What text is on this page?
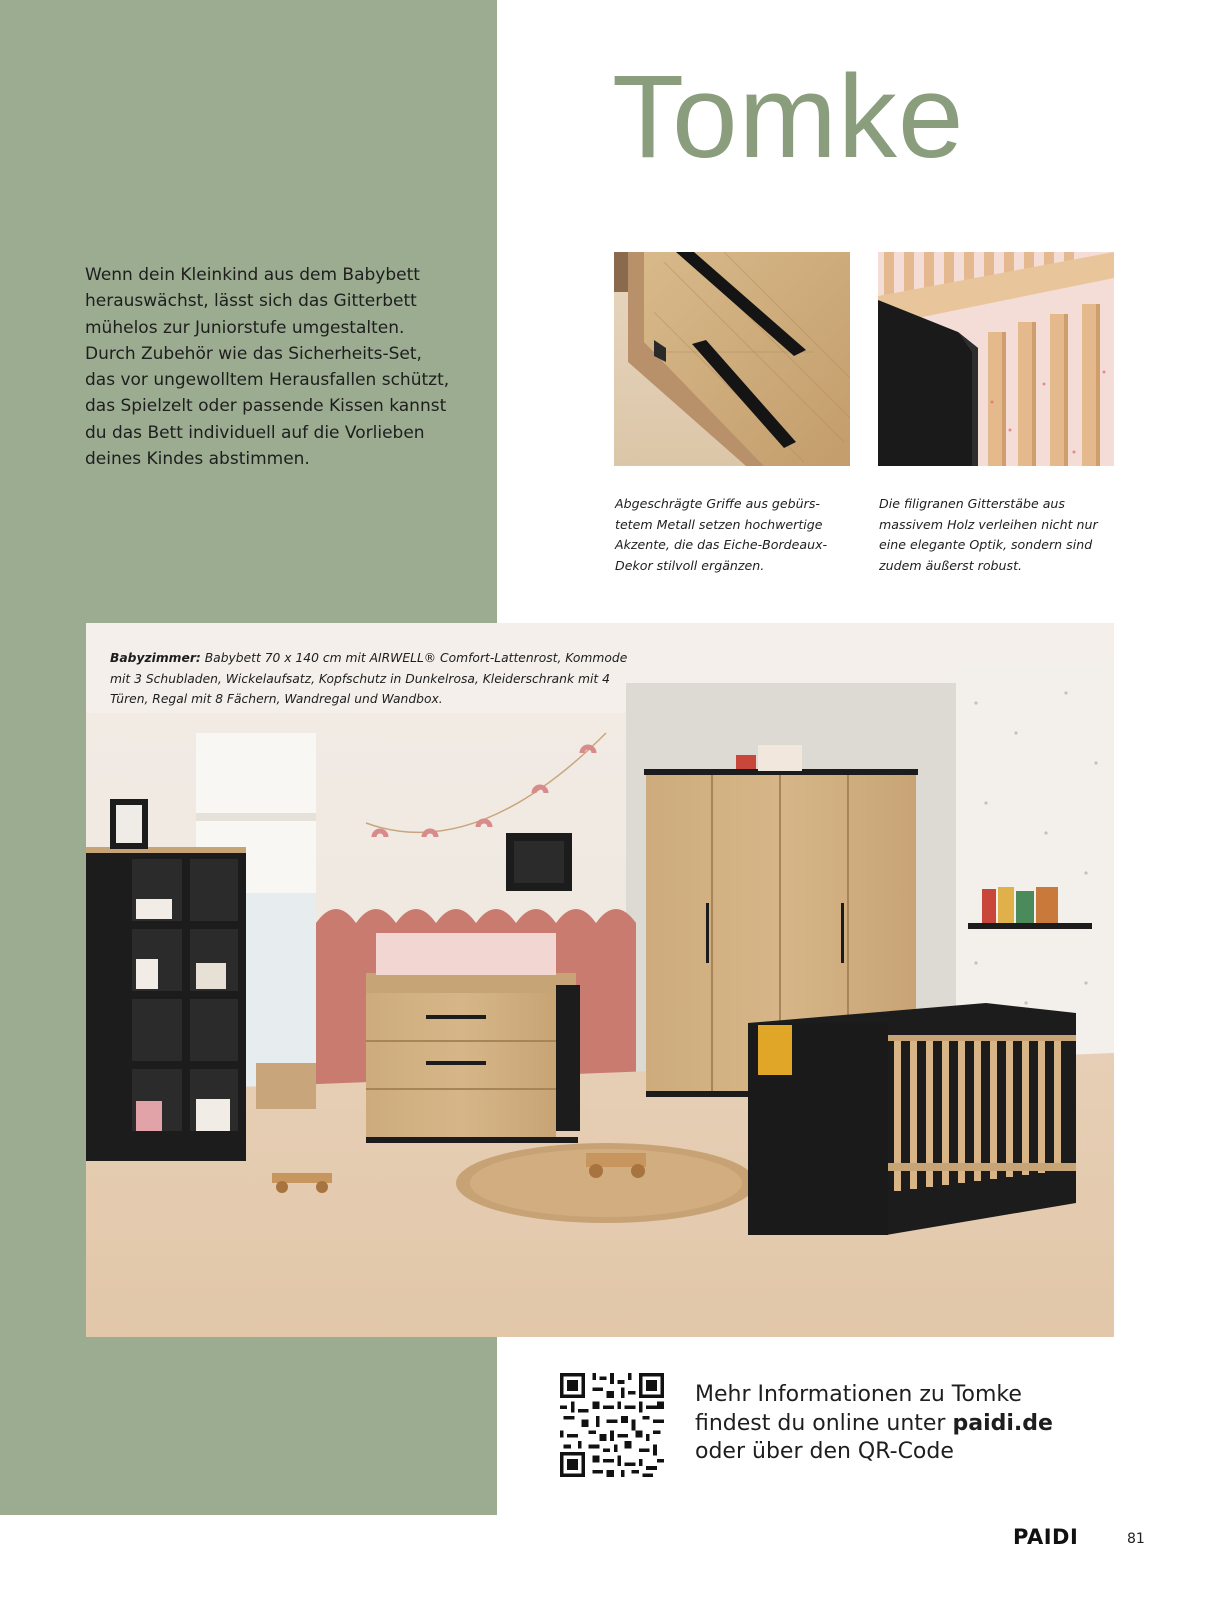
Tomke

Wenn dein Kleinkind aus dem Babybett herauswächst, lässt sich das Gitterbett mühelos zur Juniorstufe umgestalten. Durch Zubehör wie das Sicherheits-Set, das vor ungewolltem Herausfallen schützt, das Spielzelt oder passende Kissen kannst du das Bett individuell auf die Vorlieben deines Kindes abstimmen.

Abgeschrägte Griffe aus gebürs-tetem Metall setzen hochwertige Akzente, die das Eiche-Bordeaux-Dekor stilvoll ergänzen.

Die filigranen Gitterstäbe aus massivem Holz verleihen nicht nur eine elegante Optik, sondern sind zudem äußerst robust.

Babyzimmer: Babybett 70 x 140 cm mit AIRWELL® Comfort-Lattenrost, Kommode mit 3 Schubladen, Wickelaufsatz, Kopfschutz in Dunkelrosa, Kleiderschrank mit 4 Türen, Regal mit 8 Fächern, Wandregal und Wandbox.

Mehr Informationen zu Tomke
findest du online unter paidi.de
oder über den QR-Code

PAIDI	81
